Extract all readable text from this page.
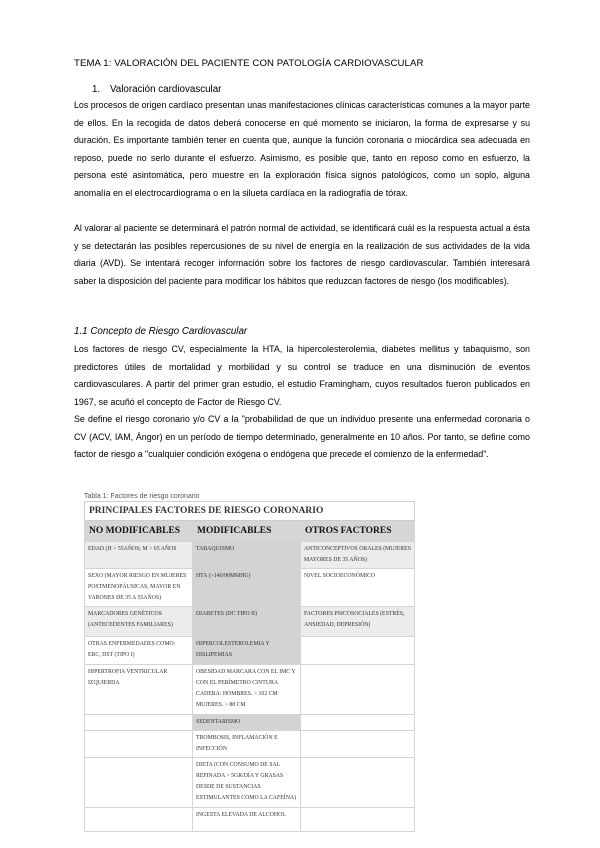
TEMA 1: VALORACIÓN DEL PACIENTE CON PATOLOGÍA CARDIOVASCULAR
1. Valoración cardiovascular
Los procesos de origen cardíaco presentan unas manifestaciones clínicas características comunes a la mayor parte de ellos. En la recogida de datos deberá conocerse en qué momento se iniciaron, la forma de expresarse y su duración. Es importante también tener en cuenta que, aunque la función coronaria o miocárdica sea adecuada en reposo, puede no serlo durante el esfuerzo. Asimismo, es posible que, tanto en reposo como en esfuerzo, la persona esté asintomática, pero muestre en la exploración física signos patológicos, como un soplo, alguna anomalía en el electrocardiograma o en la silueta cardíaca en la radiografía de tórax.
Al valorar al paciente se determinará el patrón normal de actividad, se identificará cuál es la respuesta actual a ésta y se detectarán las posibles repercusiones de su nivel de energía en la realización de sus actividades de la vida diaria (AVD). Se intentará recoger información sobre los factores de riesgo cardiovascular. También interesará saber la disposición del paciente para modificar los hábitos que reduzcan factores de riesgo (los modificables).
1.1 Concepto de Riesgo Cardiovascular
Los factores de riesgo CV, especialmente la HTA, la hipercolesterolemia, diabetes mellitus y tabaquismo, son predictores útiles de mortalidad y morbilidad y su control se traduce en una disminución de eventos cardiovasculares. A partir del primer gran estudio, el estudio Framingham, cuyos resultados fueron publicados en 1967, se acuñó el concepto de Factor de Riesgo CV.
Se define el riesgo coronario y/o CV a la "probabilidad de que un individuo presente una enfermedad coronaria o CV (ACV, IAM, Ángor) en un período de tiempo determinado, generalmente en 10 años. Por tanto, se define como factor de riesgo a "cualquier condición exógena o endógena que precede el comienzo de la enfermedad".
Tabla 1: Factores de riesgo coronario
PRINCIPALES FACTORES DE RIESGO CORONARIO		
NO MODIFICABLES	MODIFICABLES	OTROS FACTORES
EDAD (H > 55AÑOS; M > 65 AÑOS	TABAQUISMO	ANTICONCEPTIVOS ORALES (MUJERES MAYORES DE 35 AÑOS)
SEXO (MAYOR RIESGO EN MUJERES POSTMENOPÁUSICAS, MAYOR EN VARONES DE 35 A 55AÑOS)	HTA (>140/90MMHG)	NIVEL SOCIOECONÓMICO
MARCADORES GENÉTICOS (ANTECEDENTES FAMILIARES)	DIABETES (DC TIPO II)	FACTORES PSICOSOCIALES (ESTRÉS, ANSIEDAD, DEPRESIÓN)
OTRAS ENFERMEDADES COMO: ERC, DST (TIPO I)	HIPERCOLESTEROLEMIA Y DISLIPEMIAS	
HIPERTROFIA VENTRICULAR IZQUIERDA	OBESIDAD MARCARA CON EL IMC Y CON EL PERÍMETRO CINTURA CADERA: HOMBRES. > 102 CM MUJERES. > 88 CM	
	SEDENTARISMO	
	TROMBOSIS, INFLAMACIÓN E INFECCIÓN	
	DIETA (CON CONSUMO DE SAL REFINADA > 5GR/DÍA Y GRASAS DESDE DE SUSTANCIAS ESTIMULANTES COMO LA CAFEÍNA)	
	INGESTA ELEVADA DE ALCOHOL	
